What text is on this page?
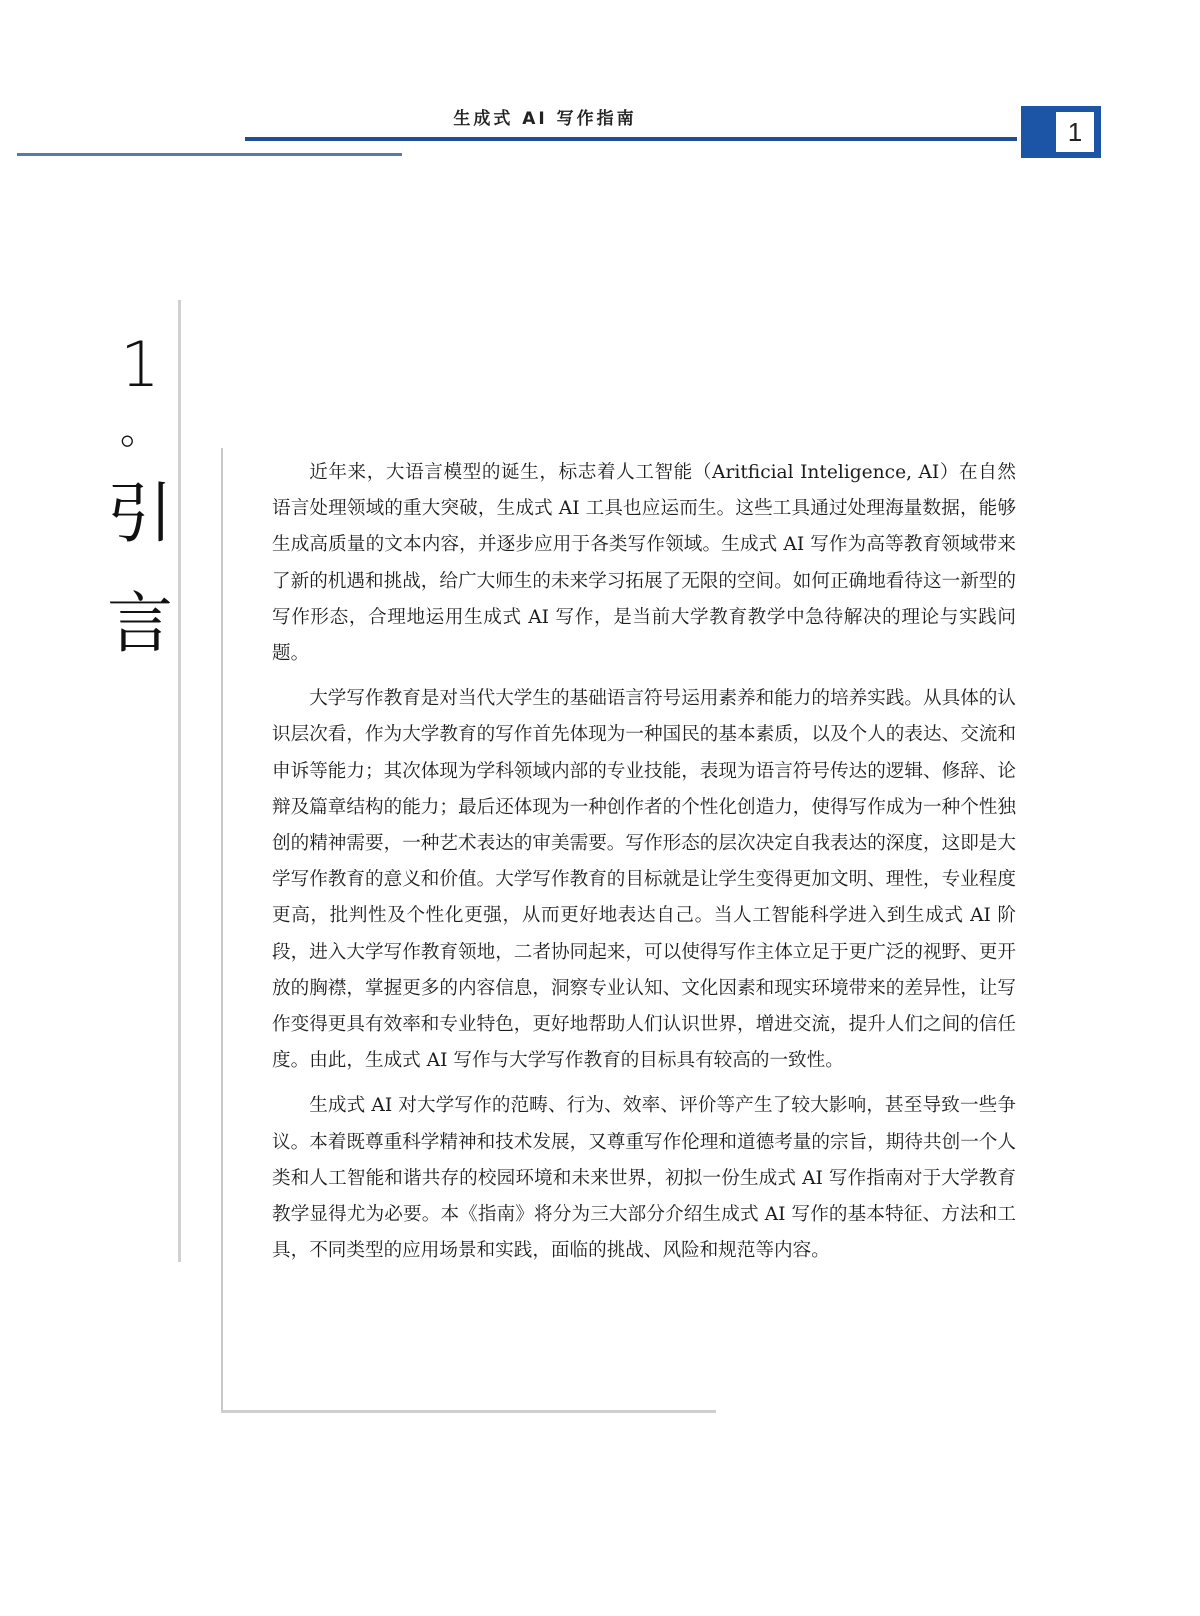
生成式 AI 写作指南	1
1
。
引
言

近年来，大语言模型的诞生，标志着人工智能（Aritficial Inteligence, AI）在自然语言处理领域的重大突破，生成式 AI 工具也应运而生。这些工具通过处理海量数据，能够生成高质量的文本内容，并逐步应用于各类写作领域。生成式 AI 写作为高等教育领域带来了新的机遇和挑战，给广大师生的未来学习拓展了无限的空间。如何正确地看待这一新型的写作形态，合理地运用生成式 AI 写作，是当前大学教育教学中急待解决的理论与实践问题。

大学写作教育是对当代大学生的基础语言符号运用素养和能力的培养实践。从具体的认识层次看，作为大学教育的写作首先体现为一种国民的基本素质，以及个人的表达、交流和申诉等能力；其次体现为学科领域内部的专业技能，表现为语言符号传达的逻辑、修辞、论辩及篇章结构的能力；最后还体现为一种创作者的个性化创造力，使得写作成为一种个性独创的精神需要，一种艺术表达的审美需要。写作形态的层次决定自我表达的深度，这即是大学写作教育的意义和价值。大学写作教育的目标就是让学生变得更加文明、理性，专业程度更高，批判性及个性化更强，从而更好地表达自己。当人工智能科学进入到生成式 AI 阶段，进入大学写作教育领地，二者协同起来，可以使得写作主体立足于更广泛的视野、更开放的胸襟，掌握更多的内容信息，洞察专业认知、文化因素和现实环境带来的差异性，让写作变得更具有效率和专业特色，更好地帮助人们认识世界，增进交流，提升人们之间的信任度。由此，生成式 AI 写作与大学写作教育的目标具有较高的一致性。

生成式 AI 对大学写作的范畴、行为、效率、评价等产生了较大影响，甚至导致一些争议。本着既尊重科学精神和技术发展，又尊重写作伦理和道德考量的宗旨，期待共创一个人类和人工智能和谐共存的校园环境和未来世界，初拟一份生成式 AI 写作指南对于大学教育教学显得尤为必要。本《指南》将分为三大部分介绍生成式 AI 写作的基本特征、方法和工具，不同类型的应用场景和实践，面临的挑战、风险和规范等内容。
